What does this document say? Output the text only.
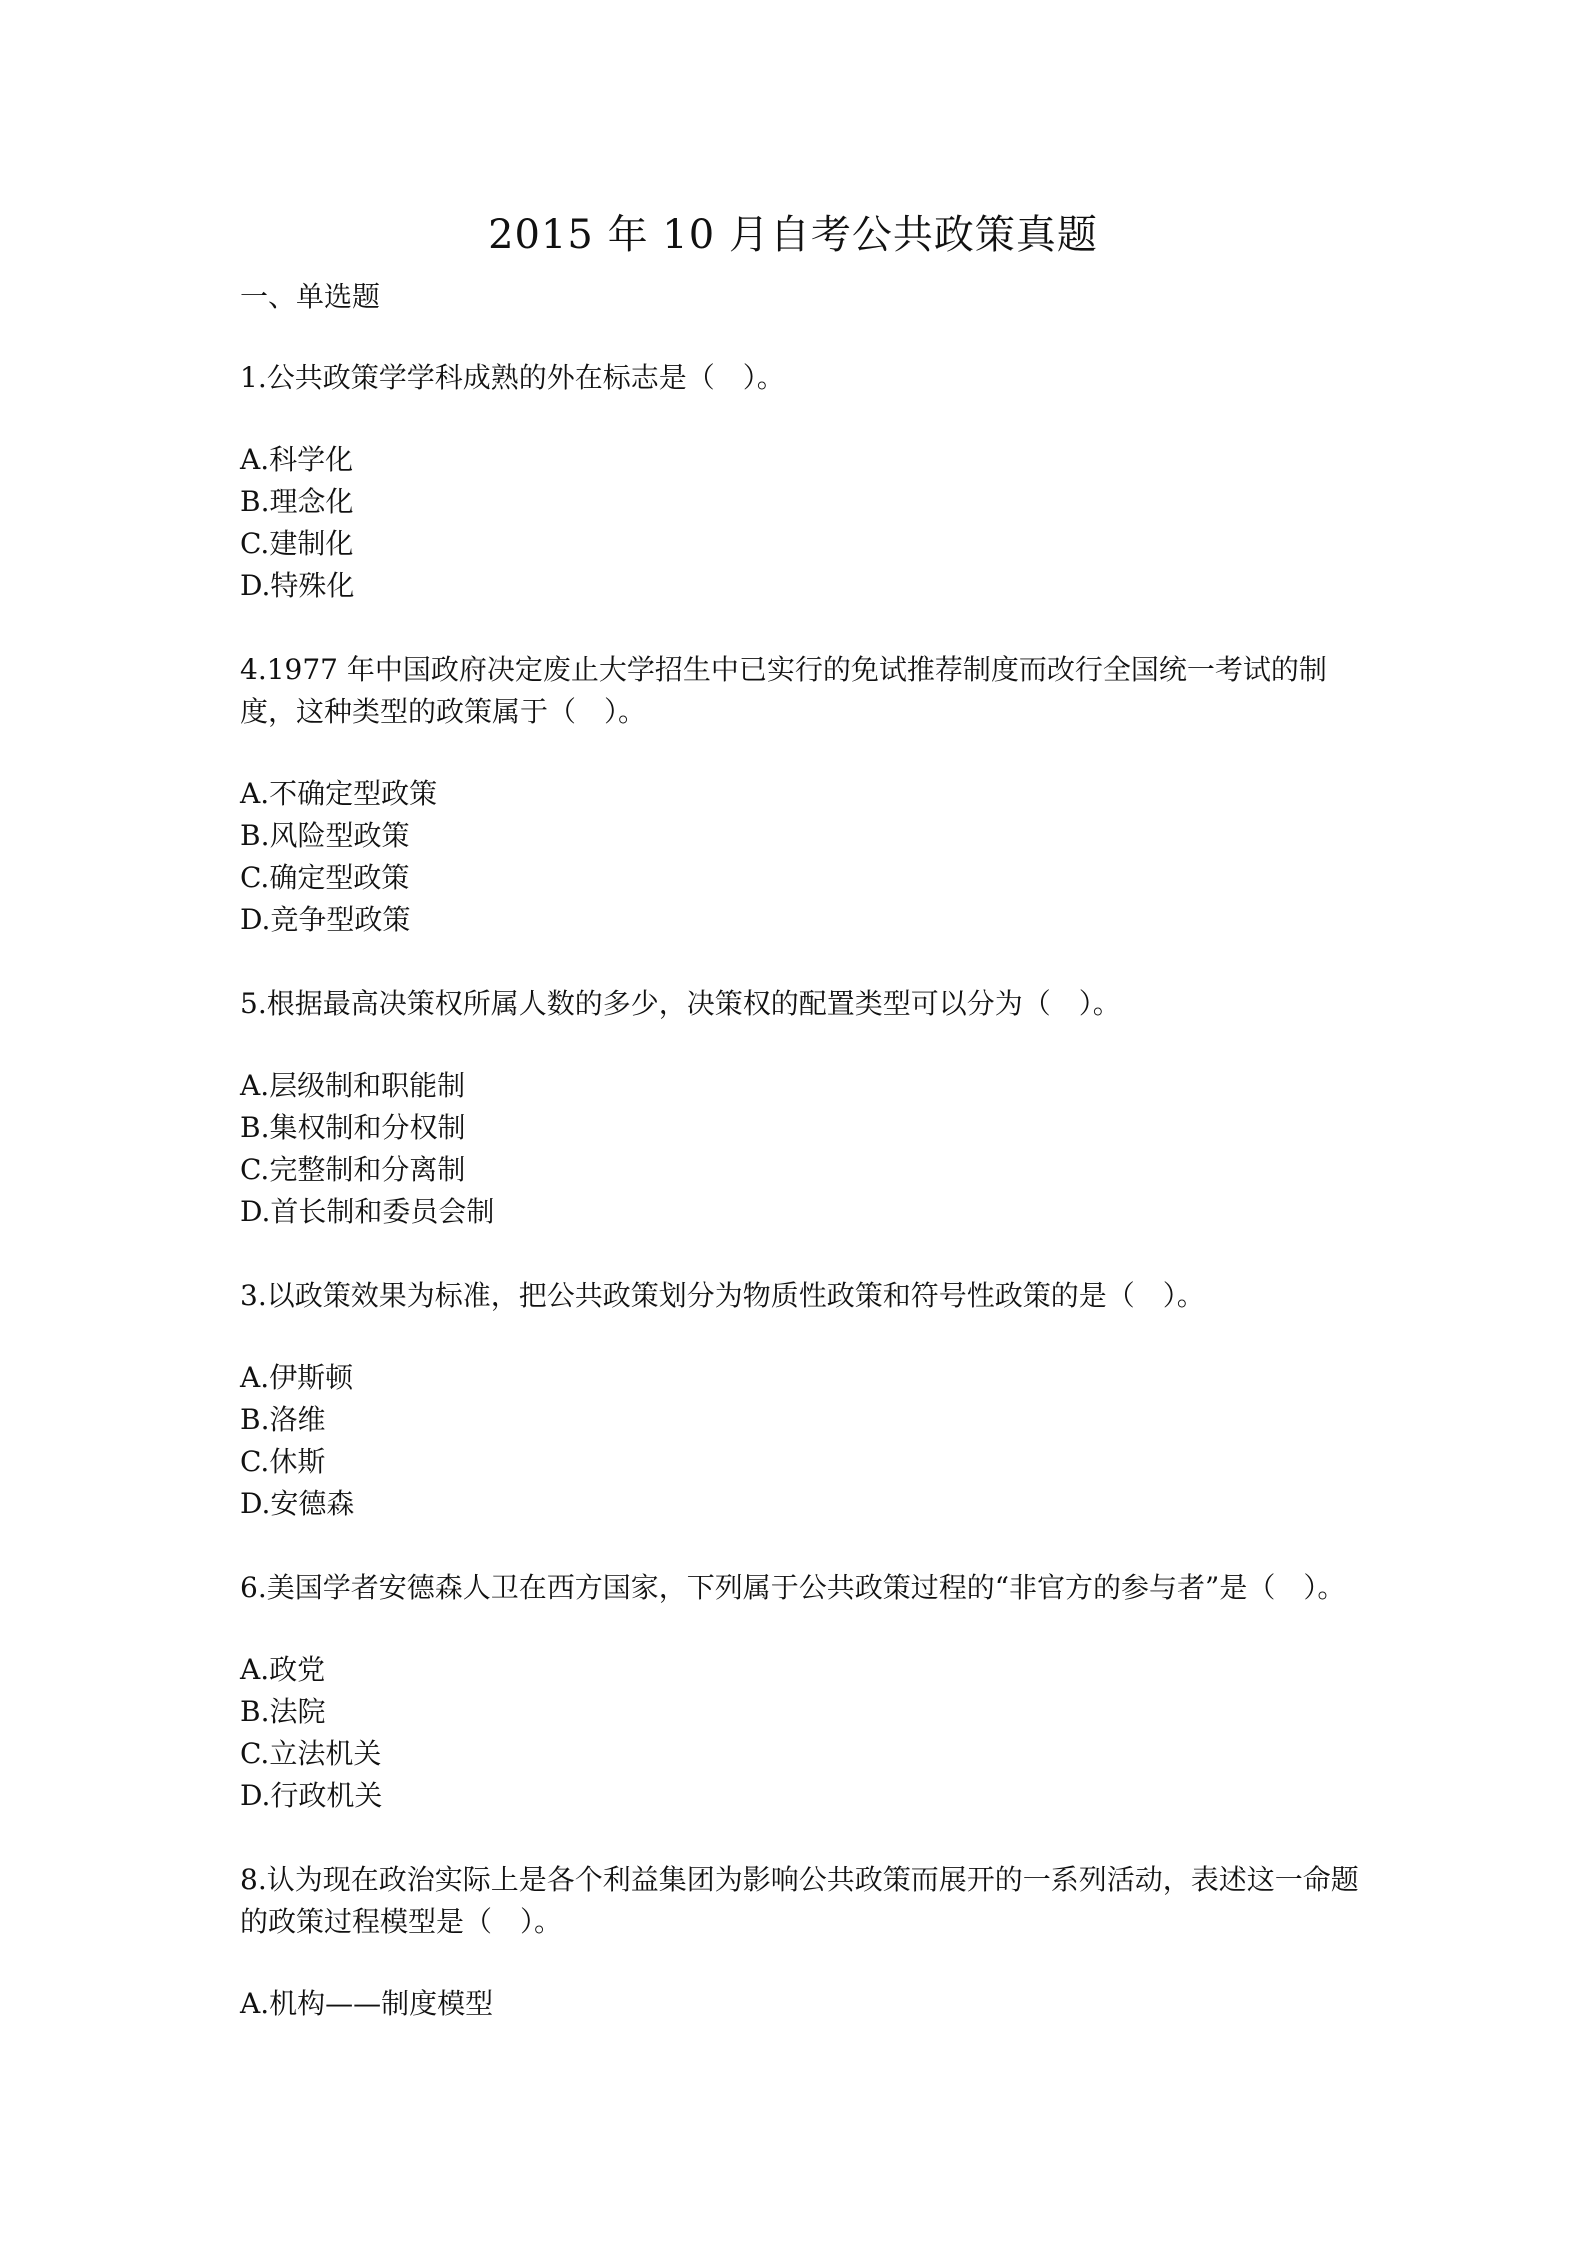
2015 年 10 月自考公共政策真题
一、单选题
1.公共政策学学科成熟的外在标志是（　）。
A.科学化
B.理念化
C.建制化
D.特殊化
4.1977 年中国政府决定废止大学招生中已实行的免试推荐制度而改行全国统一考试的制度，这种类型的政策属于（　）。
A.不确定型政策
B.风险型政策
C.确定型政策
D.竞争型政策
5.根据最高决策权所属人数的多少，决策权的配置类型可以分为（　）。
A.层级制和职能制
B.集权制和分权制
C.完整制和分离制
D.首长制和委员会制
3.以政策效果为标准，把公共政策划分为物质性政策和符号性政策的是（　）。
A.伊斯顿
B.洛维
C.休斯
D.安德森
6.美国学者安德森人卫在西方国家，下列属于公共政策过程的“非官方的参与者”是（　）。
A.政党
B.法院
C.立法机关
D.行政机关
8.认为现在政治实际上是各个利益集团为影响公共政策而展开的一系列活动，表述这一命题的政策过程模型是（　）。
A.机构——制度模型
